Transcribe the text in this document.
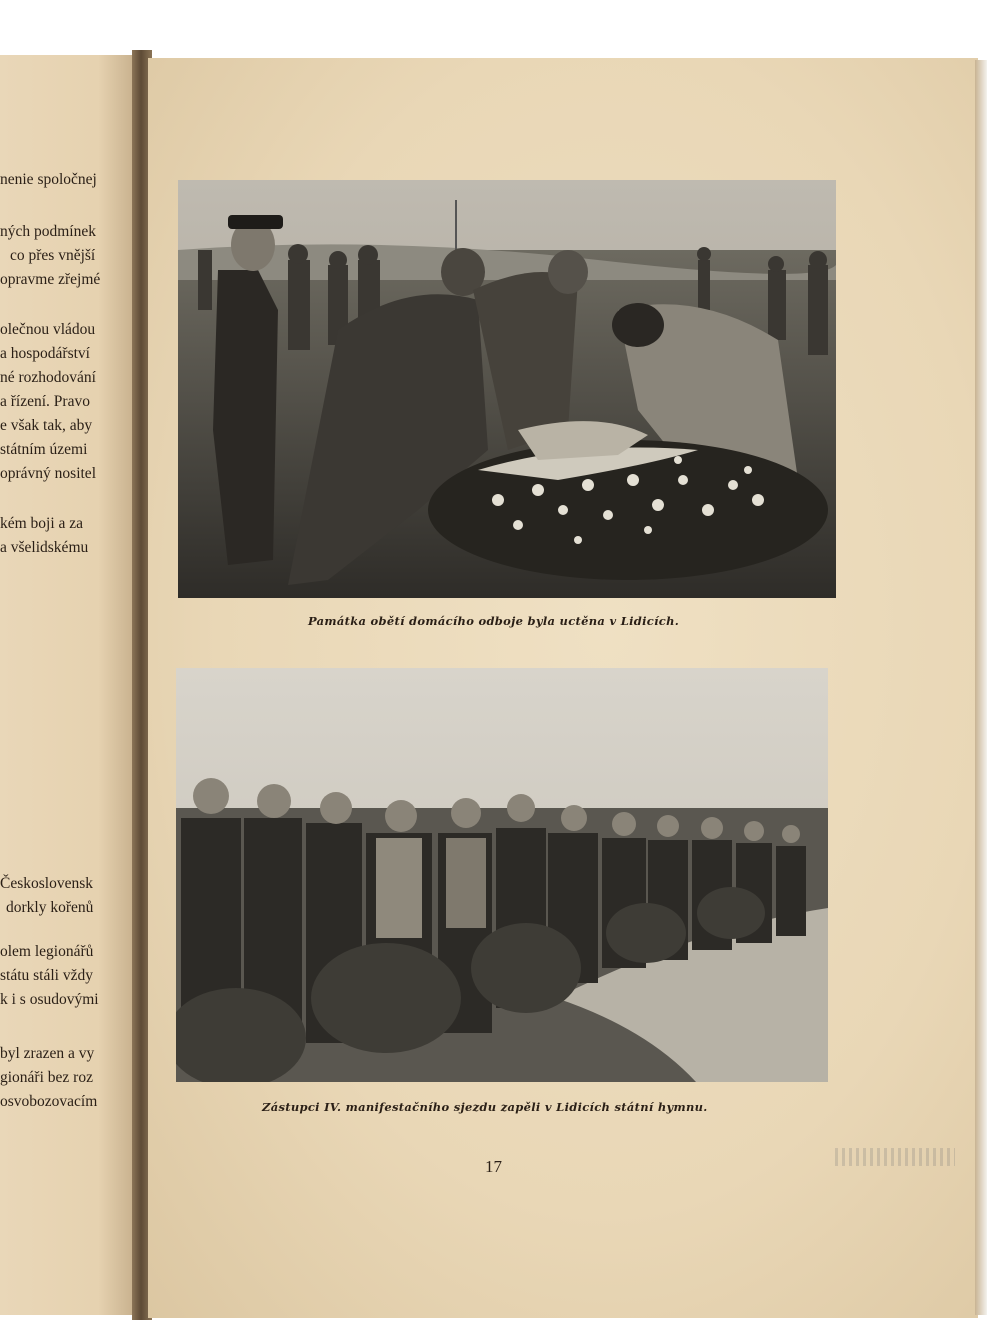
nenie spoločnej
ných podmínek
co přes vnější
opravme zřejmé
olečnou vládou
a hospodářství
né rozhodování
a řízení. Pravo
e však tak, aby
státním územi
oprávný nositel
kém boji a za
a všelidskému
Československ
dorkly kořenů
olem legionářů
státu stáli vždy
k i s osudovými
byl zrazen a vy
gionáři bez roz
osvobozovacím
Památka obětí domácího odboje byla uctěna v Lidicích.
Zástupci IV. manifestačního sjezdu zapěli v Lidicích státní hymnu.
17
